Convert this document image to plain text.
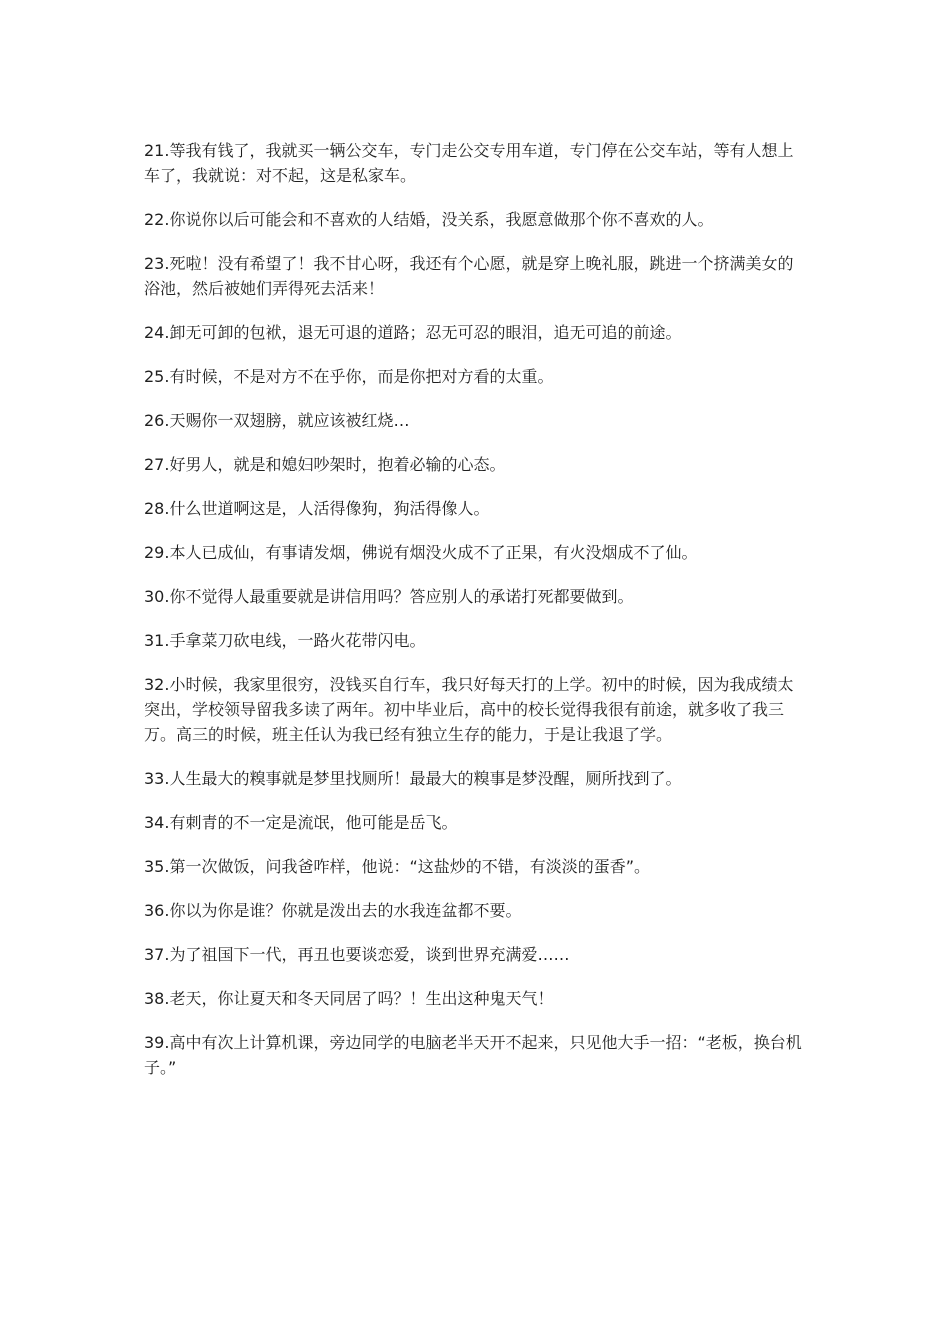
21.等我有钱了，我就买一辆公交车，专门走公交专用车道，专门停在公交车站，等有人想上车了，我就说：对不起，这是私家车。

22.你说你以后可能会和不喜欢的人结婚，没关系，我愿意做那个你不喜欢的人。

23.死啦！没有希望了！我不甘心呀，我还有个心愿，就是穿上晚礼服，跳进一个挤满美女的浴池，然后被她们弄得死去活来！

24.卸无可卸的包袱，退无可退的道路；忍无可忍的眼泪，追无可追的前途。

25.有时候，不是对方不在乎你，而是你把对方看的太重。

26.天赐你一双翅膀，就应该被红烧…

27.好男人，就是和媳妇吵架时，抱着必输的心态。

28.什么世道啊这是，人活得像狗，狗活得像人。

29.本人已成仙，有事请发烟，佛说有烟没火成不了正果，有火没烟成不了仙。

30.你不觉得人最重要就是讲信用吗？答应别人的承诺打死都要做到。

31.手拿菜刀砍电线，一路火花带闪电。

32.小时候，我家里很穷，没钱买自行车，我只好每天打的上学。初中的时候，因为我成绩太突出，学校领导留我多读了两年。初中毕业后，高中的校长觉得我很有前途，就多收了我三万。高三的时候，班主任认为我已经有独立生存的能力，于是让我退了学。

33.人生最大的糗事就是梦里找厕所！最最大的糗事是梦没醒，厕所找到了。

34.有刺青的不一定是流氓，他可能是岳飞。

35.第一次做饭，问我爸咋样，他说：“这盐炒的不错，有淡淡的蛋香”。

36.你以为你是谁？你就是泼出去的水我连盆都不要。

37.为了祖国下一代，再丑也要谈恋爱，谈到世界充满爱……

38.老天，你让夏天和冬天同居了吗？！生出这种鬼天气！

39.高中有次上计算机课，旁边同学的电脑老半天开不起来，只见他大手一招：“老板，换台机子。”
